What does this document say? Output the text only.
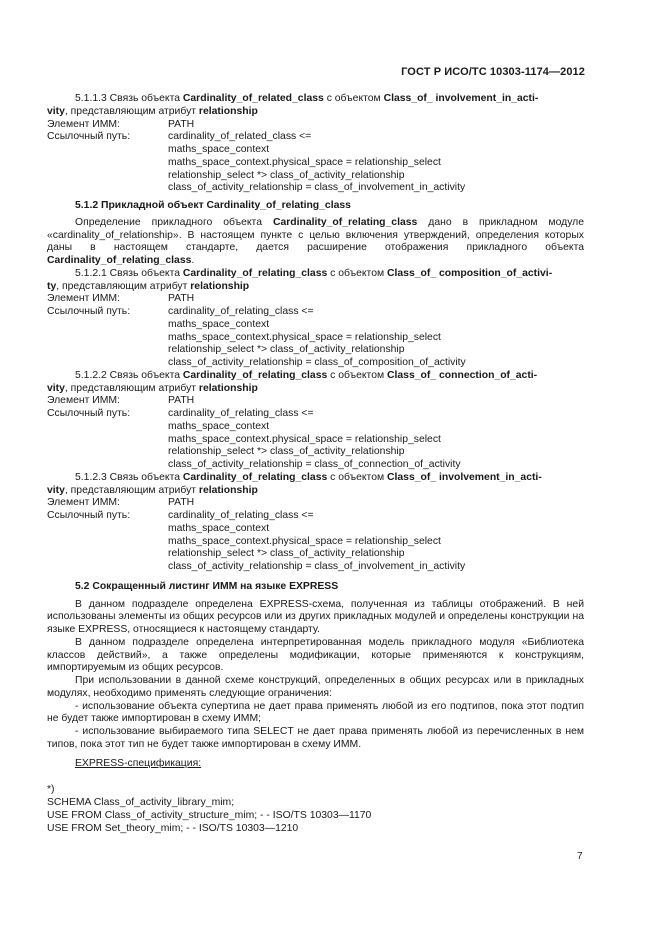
ГОСТ Р ИСО/ТС 10303-1174—2012

5.1.1.3 Связь объекта Cardinality_of_related_class с объектом Class_of_ involvement_in_acti-

vity, представляющим атрибут relationship

Элемент ИММ:	PATH
Ссылочный путь:	cardinality_of_related_class <=
maths_space_context
maths_space_context.physical_space = relationship_select
relationship_select *> class_of_activity_relationship
class_of_activity_relationship = class_of_involvement_in_activity
5.1.2 Прикладной объект Cardinality_of_relating_class

Определение прикладного объекта Cardinality_of_relating_class дано в прикладном модуле «cardinality_of_relationship». В настоящем пункте с целью включения утверждений, определения которых даны в настоящем стандарте, дается расширение отображения прикладного объекта Cardinality_of_relating_class.

5.1.2.1 Связь объекта Cardinality_of_relating_class с объектом Class_of_ composition_of_activi-

ty, представляющим атрибут relationship

Элемент ИММ:	PATH
Ссылочный путь:	cardinality_of_relating_class <=
maths_space_context
maths_space_context.physical_space = relationship_select
relationship_select *> class_of_activity_relationship
class_of_activity_relationship = class_of_composition_of_activity

5.1.2.2 Связь объекта Cardinality_of_relating_class с объектом Class_of_ connection_of_acti-

vity, представляющим атрибут relationship

Элемент ИММ:	PATH
Ссылочный путь:	cardinality_of_relating_class <=
maths_space_context
maths_space_context.physical_space = relationship_select
relationship_select *> class_of_activity_relationship
class_of_activity_relationship = class_of_connection_of_activity

5.1.2.3 Связь объекта Cardinality_of_relating_class с объектом Class_of_ involvement_in_acti-

vity, представляющим атрибут relationship

Элемент ИММ:	PATH
Ссылочный путь:	cardinality_of_relating_class <=
maths_space_context
maths_space_context.physical_space = relationship_select
relationship_select *> class_of_activity_relationship
class_of_activity_relationship = class_of_involvement_in_activity
5.2 Сокращенный листинг ИММ на языке EXPRESS

В данном подразделе определена EXPRESS-схема, полученная из таблицы отображений. В ней использованы элементы из общих ресурсов или из других прикладных модулей и определены конструкции на языке EXPRESS, относящиеся к настоящему стандарту.

В данном подразделе определена интерпретированная модель прикладного модуля «Библиотека классов действий», а также определены модификации, которые применяются к конструкциям, импортируемым из общих ресурсов.

При использовании в данной схеме конструкций, определенных в общих ресурсах или в прикладных модулях, необходимо применять следующие ограничения:

- использование объекта супертипа не дает права применять любой из его подтипов, пока этот подтип не будет также импортирован в схему ИММ;

- использование выбираемого типа SELECT не дает права применять любой из перечисленных в нем типов, пока этот тип не будет также импортирован в схему ИММ.

EXPRESS-спецификация:

*)
SCHEMA Class_of_activity_library_mim;
USE FROM Class_of_activity_structure_mim; - - ISO/TS 10303—1170
USE FROM Set_theory_mim; - - ISO/TS 10303—1210
7
